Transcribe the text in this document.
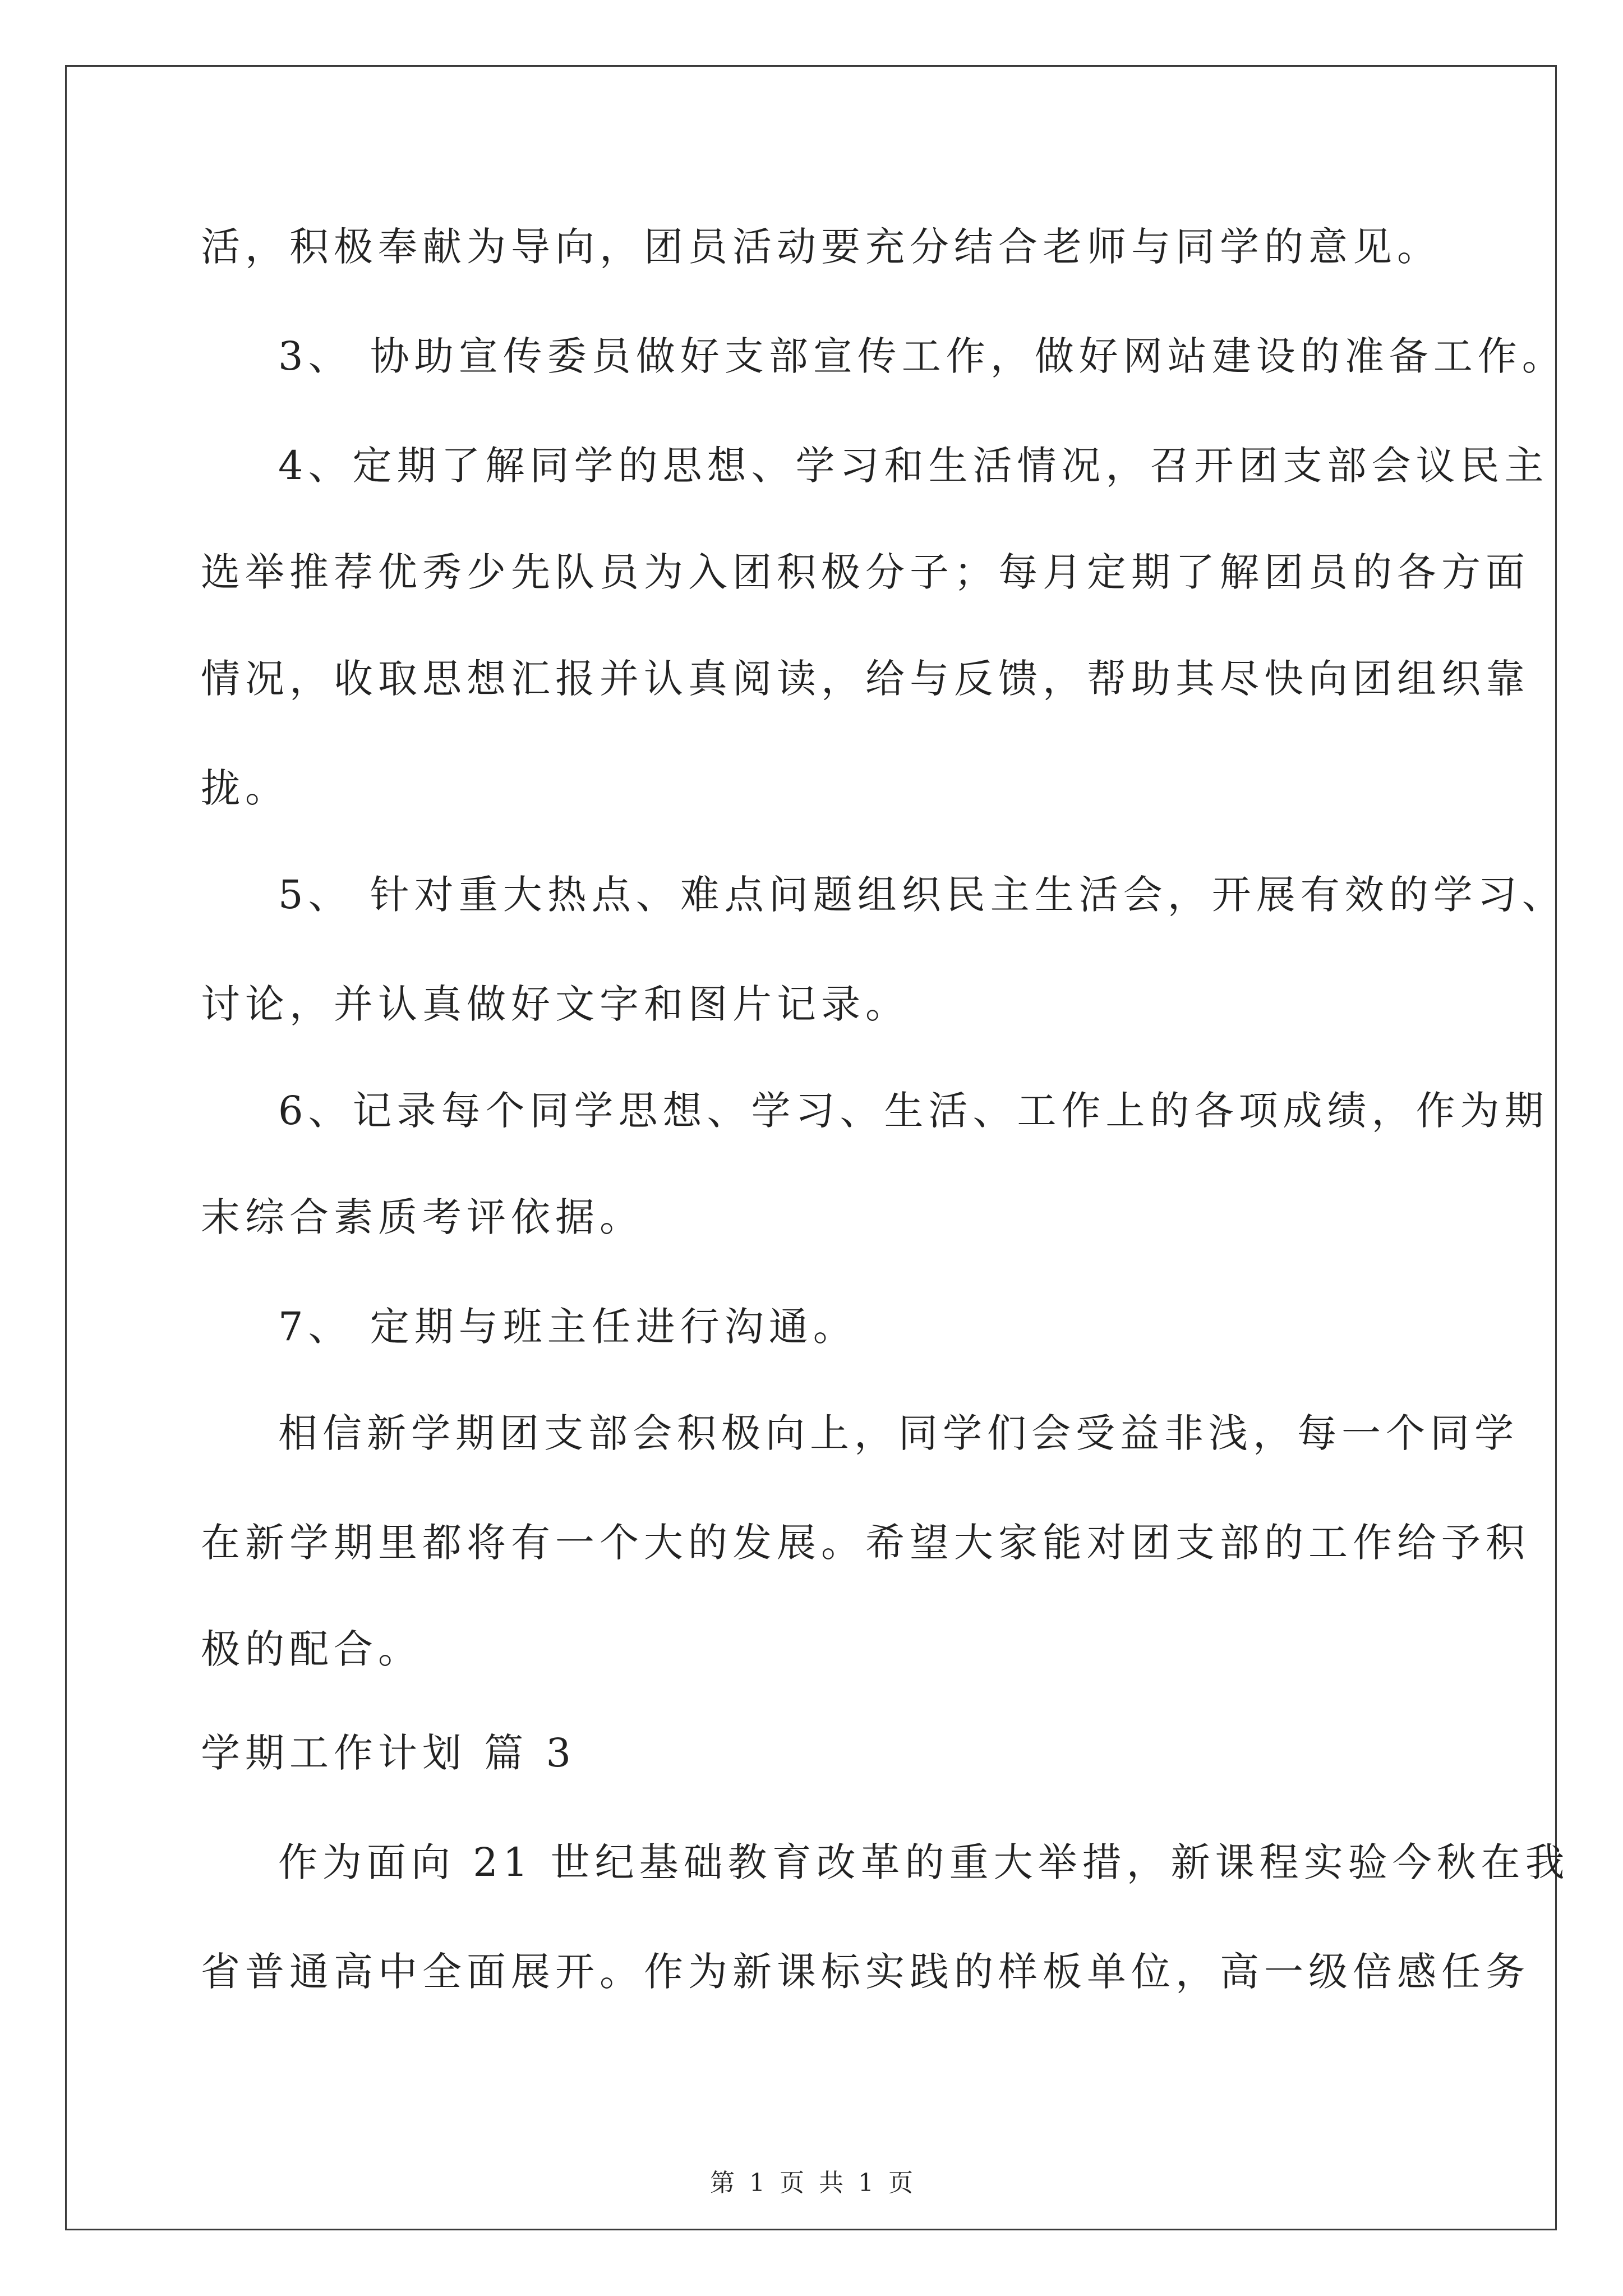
活，积极奉献为导向，团员活动要充分结合老师与同学的意见。
3、 协助宣传委员做好支部宣传工作，做好网站建设的准备工作。
4、定期了解同学的思想、学习和生活情况，召开团支部会议民主
选举推荐优秀少先队员为入团积极分子；每月定期了解团员的各方面
情况，收取思想汇报并认真阅读，给与反馈，帮助其尽快向团组织靠
拢。
5、 针对重大热点、难点问题组织民主生活会，开展有效的学习、
讨论，并认真做好文字和图片记录。
6、记录每个同学思想、学习、生活、工作上的各项成绩，作为期
末综合素质考评依据。
7、 定期与班主任进行沟通。
相信新学期团支部会积极向上，同学们会受益非浅，每一个同学
在新学期里都将有一个大的发展。希望大家能对团支部的工作给予积
极的配合。
学期工作计划 篇 3
作为面向 21 世纪基础教育改革的重大举措，新课程实验今秋在我
省普通高中全面展开。作为新课标实践的样板单位，高一级倍感任务
第 1 页 共 1 页
